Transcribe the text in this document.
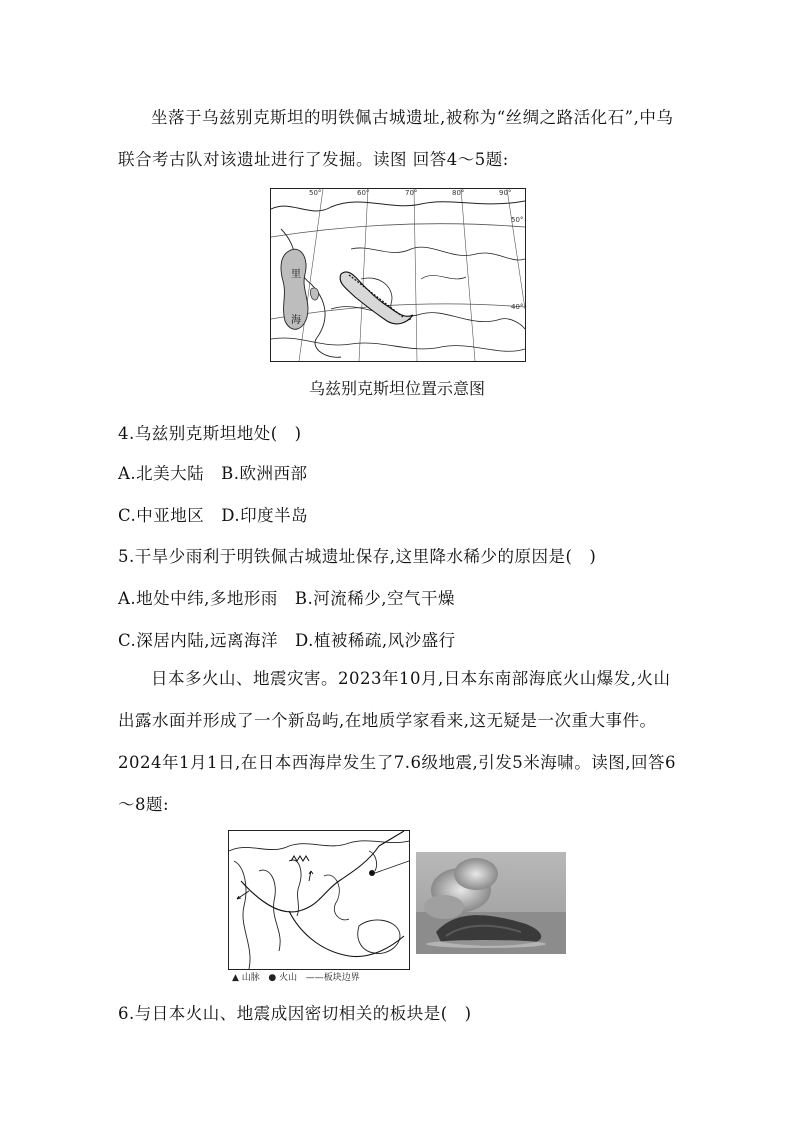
坐落于乌兹别克斯坦的明铁佩古城遗址,被称为“丝绸之路活化石”,中乌联合考古队对该遗址进行了发掘。读图 回答4～5题:
里
海
50°	60°	70°	80°	90°
50°
40°
乌兹别克斯坦位置示意图
4.乌兹别克斯坦地处(　)
A.北美大陆　B.欧洲西部
C.中亚地区　D.印度半岛
5.干旱少雨利于明铁佩古城遗址保存,这里降水稀少的原因是(　)
A.地处中纬,多地形雨　B.河流稀少,空气干燥
C.深居内陆,远离海洋　D.植被稀疏,风沙盛行
日本多火山、地震灾害。2023年10月,日本东南部海底火山爆发,火山出露水面并形成了一个新岛屿,在地质学家看来,这无疑是一次重大事件。2024年1月1日,在日本西海岸发生了7.6级地震,引发5米海啸。读图,回答6～8题:
▲ 山脉 ● 火山 ——板块边界
6.与日本火山、地震成因密切相关的板块是(　)
